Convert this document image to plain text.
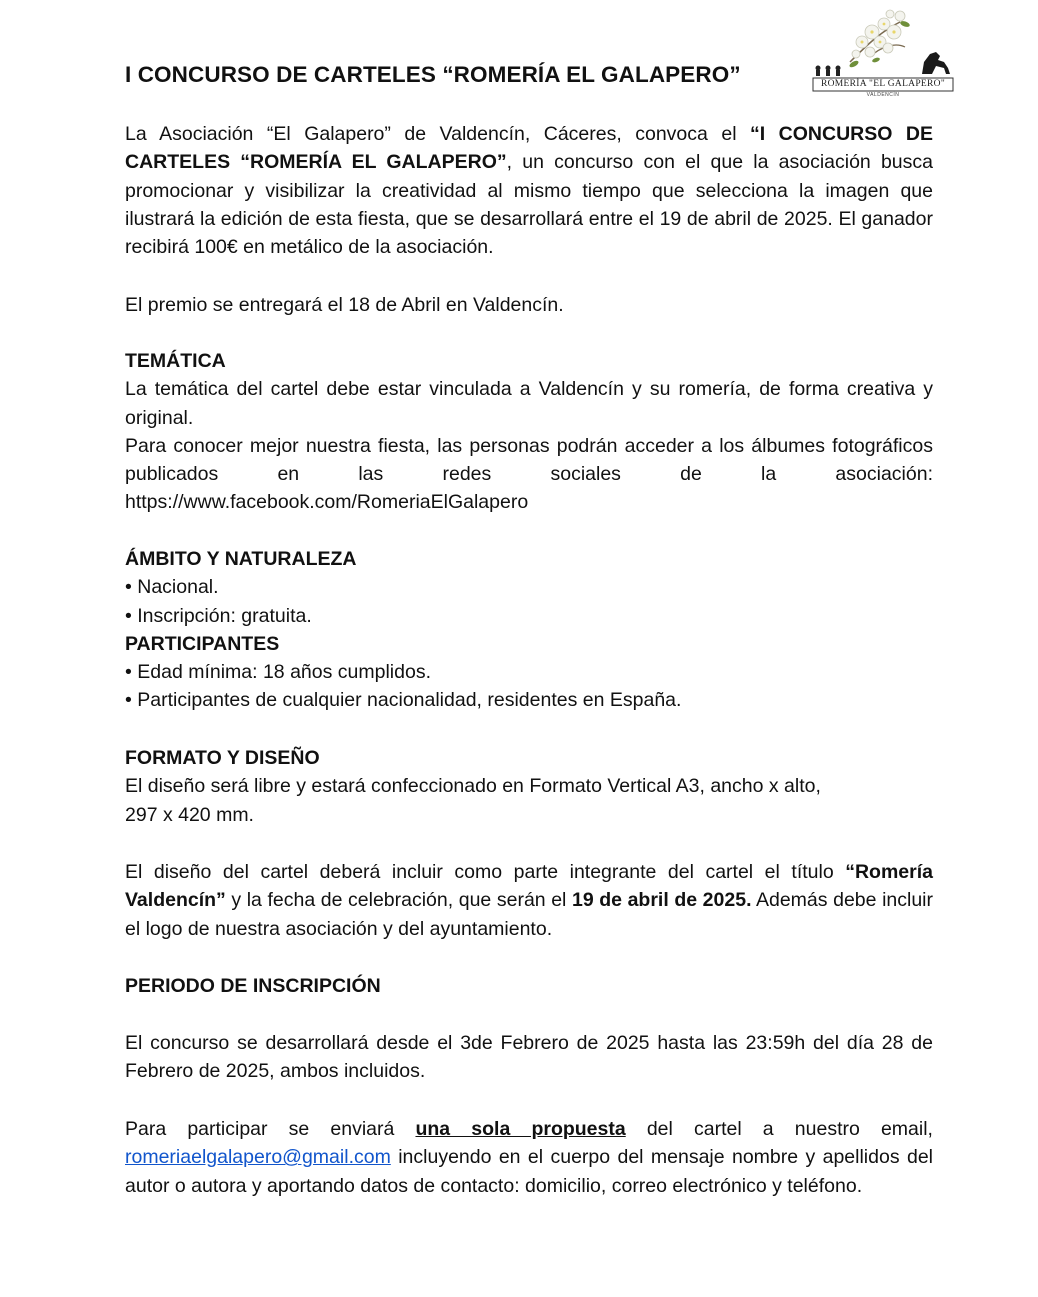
I CONCURSO DE CARTELES “ROMERÍA EL GALAPERO”	ROMERÍA "EL GALAPERO"
VALDENCÍN

La Asociación “El Galapero” de Valdencín, Cáceres, convoca el “I CONCURSO DE CARTELES “ROMERÍA EL GALAPERO”, un concurso con el que la asociación busca promocionar y visibilizar la creatividad al mismo tiempo que selecciona la imagen que ilustrará la edición de esta fiesta, que se desarrollará entre el 19 de abril de 2025. El ganador recibirá 100€ en metálico de la asociación.

El premio se entregará el 18 de Abril en Valdencín.

TEMÁTICA

La temática del cartel debe estar vinculada a Valdencín y su romería, de forma creativa y original.

Para conocer mejor nuestra fiesta, las personas podrán acceder a los álbumes fotográficos publicados en las redes sociales de la asociación: https://www.facebook.com/RomeriaElGalapero

ÁMBITO Y NATURALEZA

• Nacional.

• Inscripción: gratuita.

PARTICIPANTES

• Edad mínima: 18 años cumplidos.

• Participantes de cualquier nacionalidad, residentes en España.

FORMATO Y DISEÑO

El diseño será libre y estará confeccionado en Formato Vertical A3, ancho x alto,

297 x 420 mm.

El diseño del cartel deberá incluir como parte integrante del cartel el título “Romería Valdencín” y la fecha de celebración, que serán el 19 de abril de 2025. Además debe incluir el logo de nuestra asociación y del ayuntamiento.

PERIODO DE INSCRIPCIÓN

El concurso se desarrollará desde el 3de Febrero de 2025 hasta las 23:59h del día 28 de Febrero de 2025, ambos incluidos.

Para participar se enviará una sola propuesta del cartel a nuestro email, romeriaelgalapero@gmail.com incluyendo en el cuerpo del mensaje nombre y apellidos del autor o autora y aportando datos de contacto: domicilio, correo electrónico y teléfono.
